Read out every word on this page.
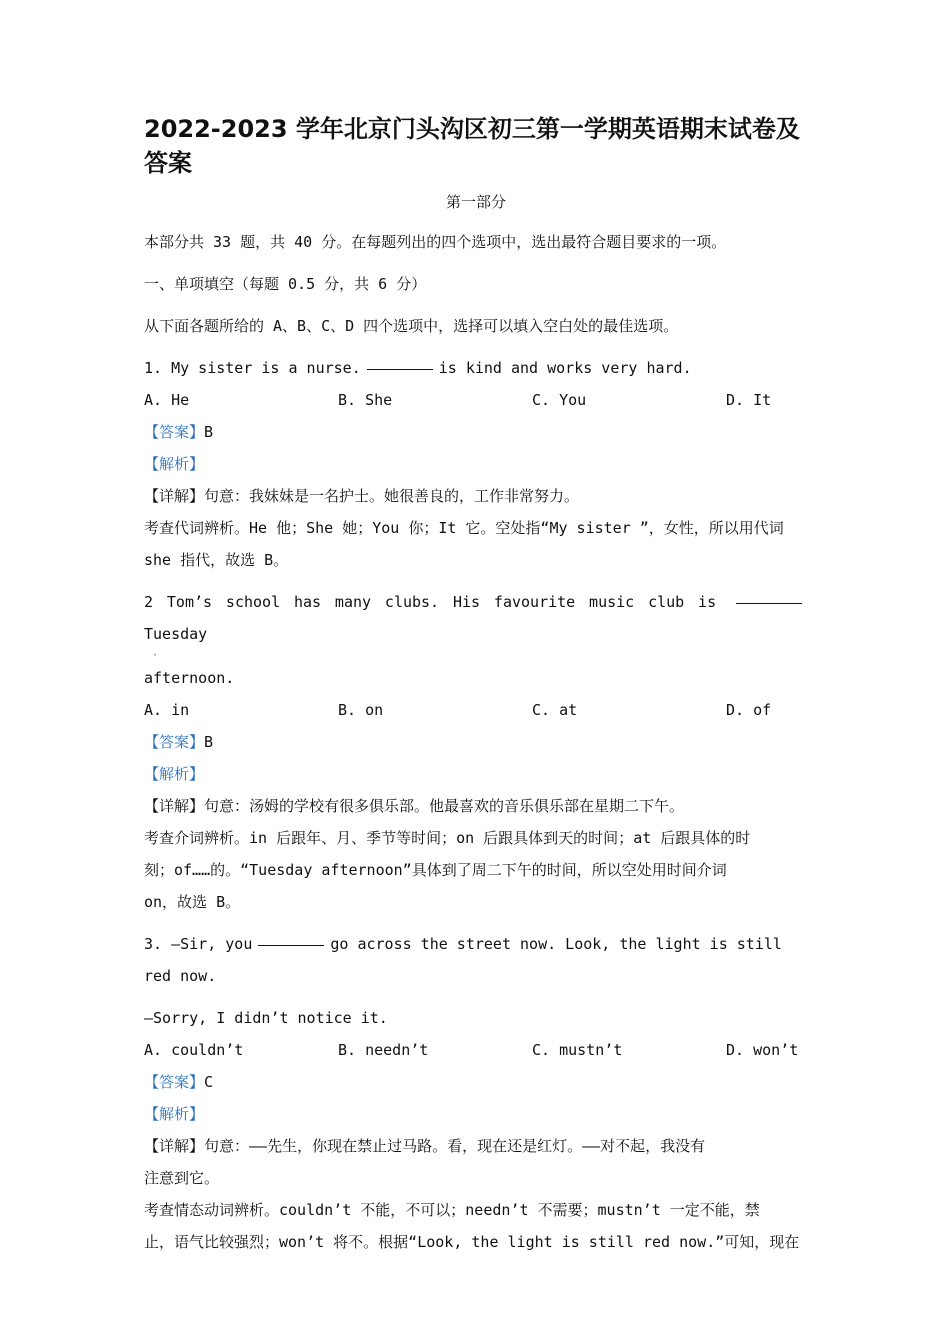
2022-2023 学年北京门头沟区初三第一学期英语期末试卷及答案
第一部分

本部分共 33 题，共 40 分。在每题列出的四个选项中，选出最符合题目要求的一项。

一、单项填空（每题 0.5 分，共 6 分）

从下面各题所给的 A、B、C、D 四个选项中，选择可以填入空白处的最佳选项。

1. My sister is a nurse.	is kind and works very hard.

A. He	B. She	C. You	D. It

【答案】B

【解析】

【详解】句意：我妹妹是一名护士。她很善良的，工作非常努力。

考查代词辨析。He 他；She 她；You 你；It 它。空处指“My sister ”，女性，所以用代词

she 指代，故选 B。

2 Tom’s school has many clubs. His favourite music club is  Tuesday

·

afternoon.

A. in	B. on	C. at	D. of

【答案】B

【解析】

【详解】句意：汤姆的学校有很多俱乐部。他最喜欢的音乐俱乐部在星期二下午。

考查介词辨析。in 后跟年、月、季节等时间；on 后跟具体到天的时间；at 后跟具体的时

刻；of……的。“Tuesday afternoon”具体到了周二下午的时间，所以空处用时间介词

on，故选 B。

3. —Sir, you	go across the street now. Look, the light is still red now.

—Sorry, I didn’t notice it.

A. couldn’t	B. needn’t	C. mustn’t	D. won’t

【答案】C

【解析】

【详解】句意：——先生，你现在禁止过马路。看，现在还是红灯。——对不起，我没有

注意到它。

考查情态动词辨析。couldn’t 不能，不可以；needn’t 不需要；mustn’t 一定不能，禁

止，语气比较强烈；won’t 将不。根据“Look, the light is still red now.”可知，现在
